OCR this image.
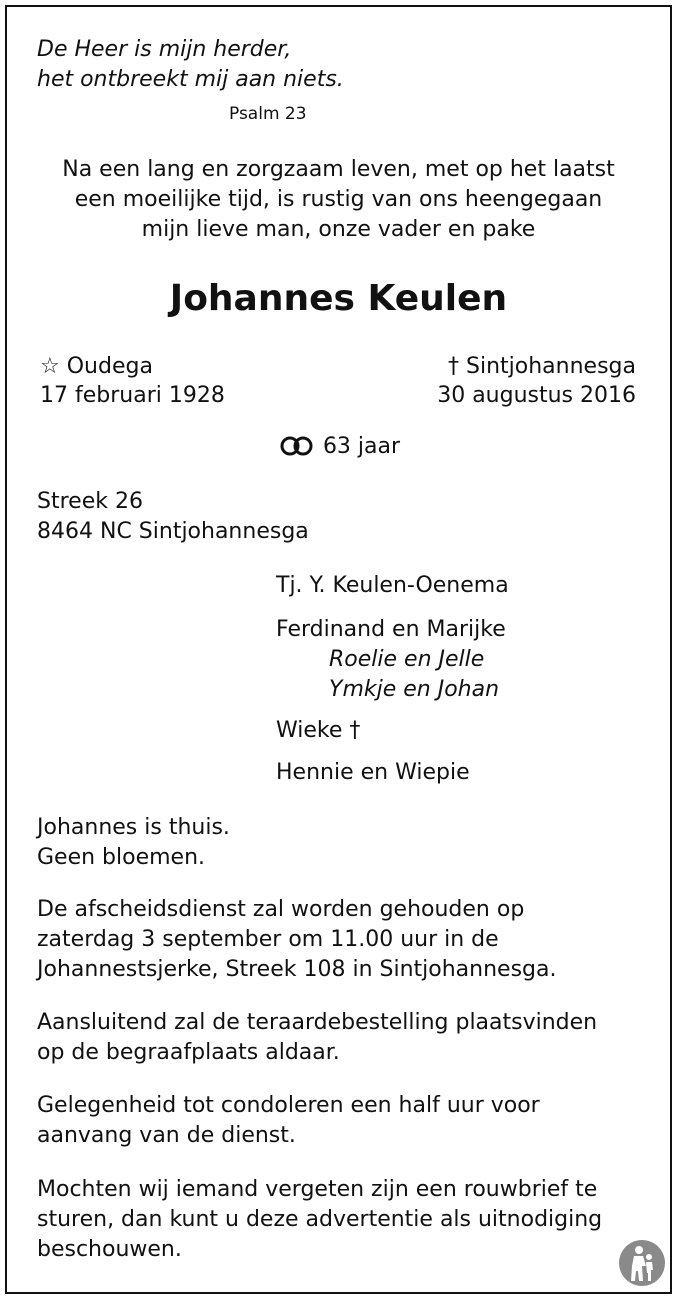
De Heer is mijn herder,
het ontbreekt mij aan niets.
Psalm 23
Na een lang en zorgzaam leven, met op het laatst
een moeilijke tijd, is rustig van ons heengegaan
mijn lieve man, onze vader en pake
Johannes Keulen
☆ Oudega
17 februari 1928
† Sintjohannesga
30 augustus 2016
63 jaar
Streek 26
8464 NC Sintjohannesga
Tj. Y. Keulen-Oenema
Ferdinand en Marijke
Roelie en Jelle
Ymkje en Johan
Wieke †
Hennie en Wiepie
Johannes is thuis.
Geen bloemen.
De afscheidsdienst zal worden gehouden op
zaterdag 3 september om 11.00 uur in de
Johannestsjerke, Streek 108 in Sintjohannesga.
Aansluitend zal de teraardebestelling plaatsvinden
op de begraafplaats aldaar.
Gelegenheid tot condoleren een half uur voor
aanvang van de dienst.
Mochten wij iemand vergeten zijn een rouwbrief te
sturen, dan kunt u deze advertentie als uitnodiging
beschouwen.
